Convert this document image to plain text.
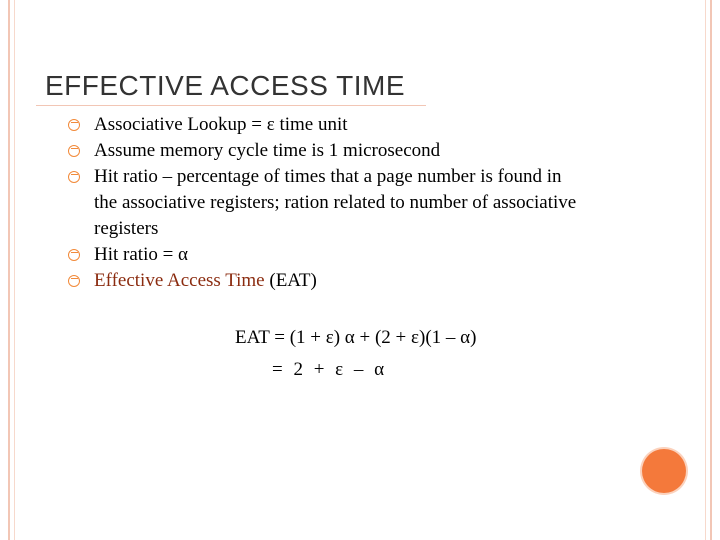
EFFECTIVE ACCESS TIME
Associative Lookup = ε time unit
Assume memory cycle time is 1 microsecond
Hit ratio – percentage of times that a page number is found in the associative registers; ration related to number of associative registers
Hit ratio = α
Effective Access Time (EAT)
EAT = (1 + ε) α + (2 + ε)(1 – α)
= 2 + ε – α
